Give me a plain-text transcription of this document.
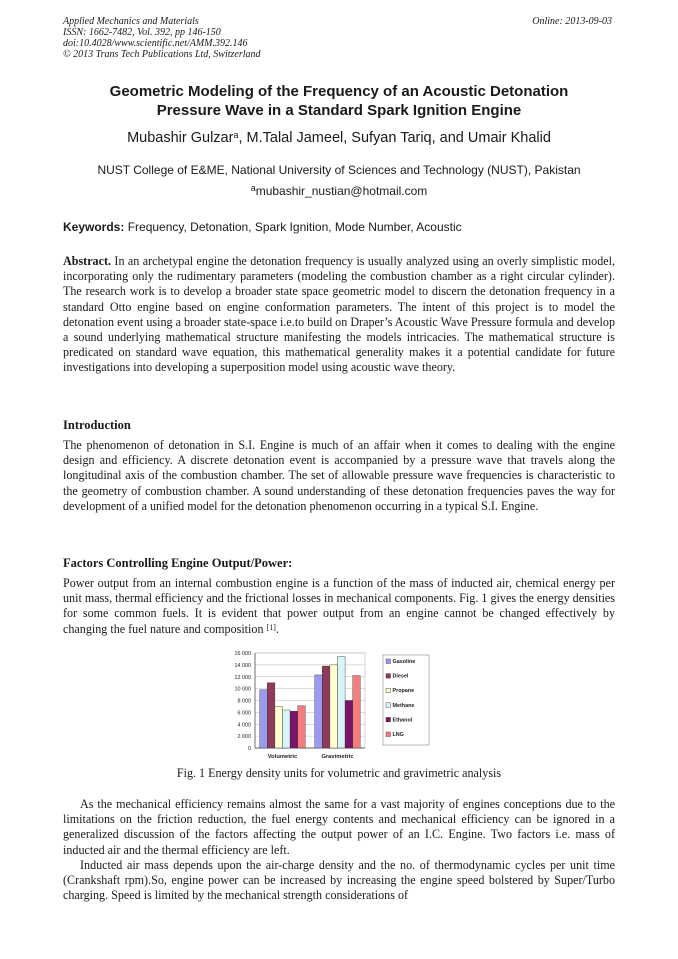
Applied Mechanics and Materials
ISSN: 1662-7482, Vol. 392, pp 146-150
doi:10.4028/www.scientific.net/AMM.392.146
© 2013 Trans Tech Publications Ltd, Switzerland
Online: 2013-09-03
Geometric Modeling of the Frequency of an Acoustic Detonation
Pressure Wave in a Standard Spark Ignition Engine
Mubashir Gulzar$^a$, M.Talal Jameel, Sufyan Tariq, and Umair Khalid
NUST College of E&ME, National University of Sciences and Technology (NUST), Pakistan
$^a$mubashir_nustian@hotmail.com
Keywords: Frequency, Detonation, Spark Ignition, Mode Number, Acoustic
Abstract. In an archetypal engine the detonation frequency is usually analyzed using an overly simplistic model, incorporating only the rudimentary parameters (modeling the combustion chamber as a right circular cylinder). The research work is to develop a broader state space geometric model to discern the detonation frequency in a standard Otto engine based on engine conformation parameters. The intent of this project is to model the detonation event using a broader state-space i.e.to build on Draper’s Acoustic Wave Pressure formula and develop a sound underlying mathematical structure manifesting the models intricacies. The mathematical structure is predicated on standard wave equation, this mathematical generality makes it a potential candidate for future investigations into developing a superposition model using acoustic wave theory.
Introduction
The phenomenon of detonation in S.I. Engine is much of an affair when it comes to dealing with the engine design and efficiency. A discrete detonation event is accompanied by a pressure wave that travels along the longitudinal axis of the combustion chamber. The set of allowable pressure wave frequencies is characteristic to the geometry of combustion chamber. A sound understanding of these detonation frequencies paves the way for development of a unified model for the detonation phenomenon occurring in a typical S.I. Engine.
Factors Controlling Engine Output/Power:
Power output from an internal combustion engine is a function of the mass of inducted air, chemical energy per unit mass, thermal efficiency and the frictional losses in mechanical components. Fig. 1 gives the energy densities for some common fuels. It is evident that power output from an engine cannot be changed effectively by changing the fuel nature and composition [1].
0
2 000
4 000
6 000
8 000
10 000
12 000
14 000
16 000
Volumetric	Gravimetric
Gasoline
Diesel
Propane
Methane
Ethanol
LNG
Fig. 1 Energy density units for volumetric and gravimetric analysis
As the mechanical efficiency remains almost the same for a vast majority of engines conceptions due to the limitations on the friction reduction, the fuel energy contents and mechanical efficiency can be ignored in a generalized discussion of the factors affecting the output power of an I.C. Engine. Two factors i.e. mass of inducted air and the thermal efficiency are left.
Inducted air mass depends upon the air-charge density and the no. of thermodynamic cycles per unit time (Crankshaft rpm).So, engine power can be increased by increasing the engine speed bolstered by Super/Turbo charging. Speed is limited by the mechanical strength considerations of
